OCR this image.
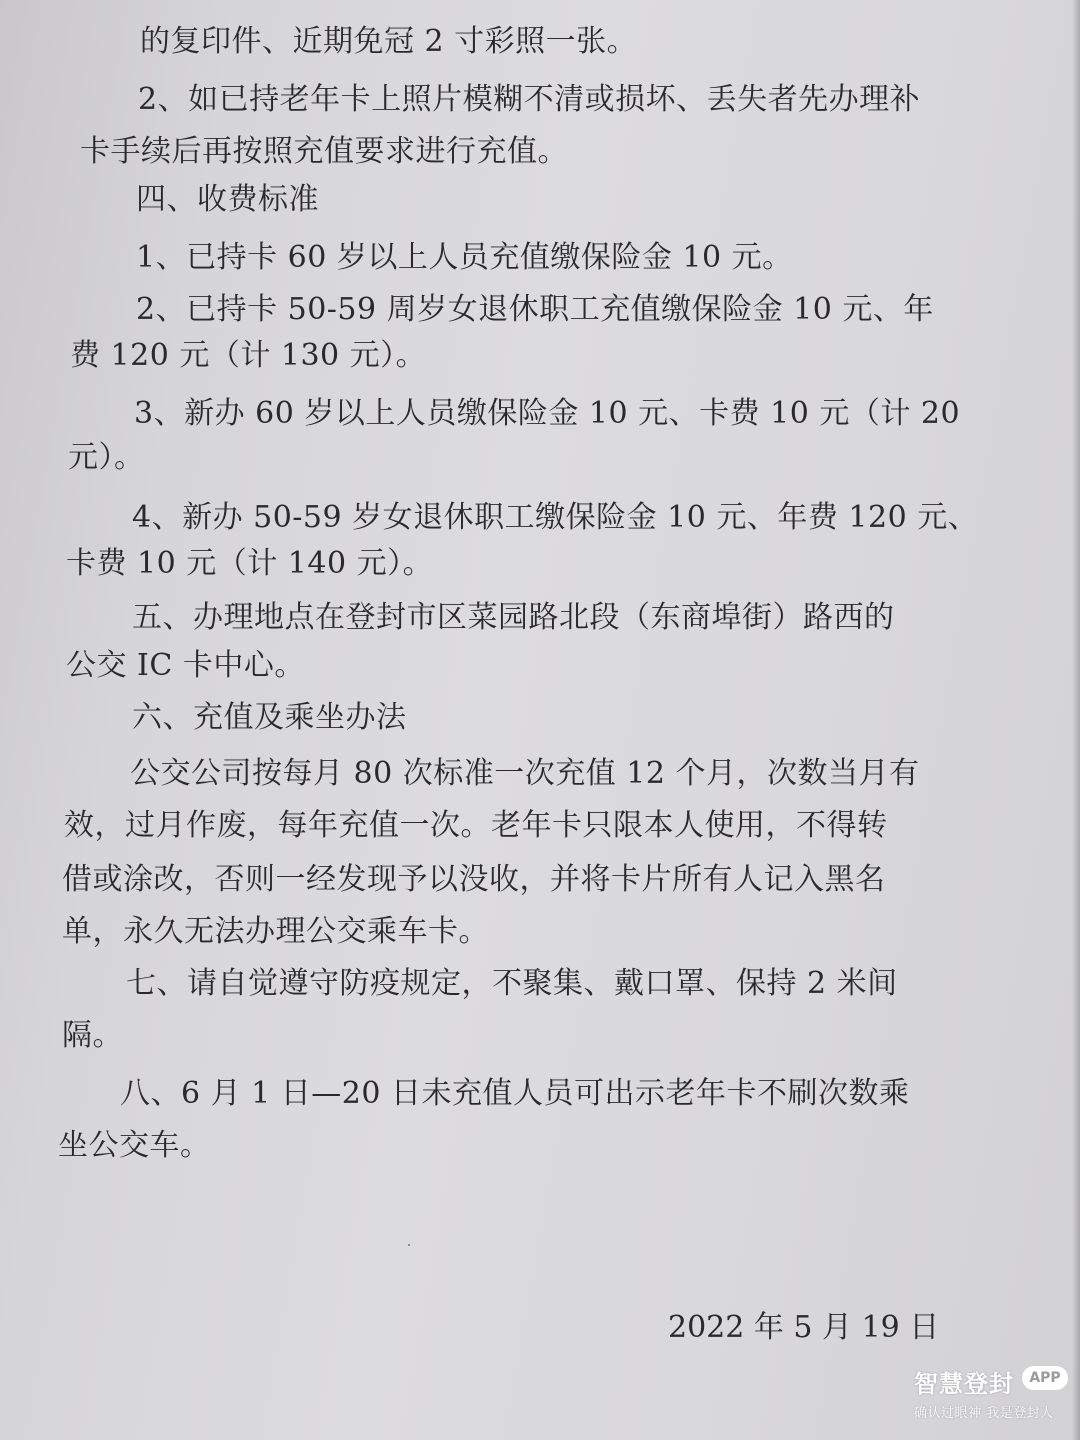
的复印件、近期免冠 2 寸彩照一张。
2、如已持老年卡上照片模糊不清或损坏、丢失者先办理补
卡手续后再按照充值要求进行充值。
四、收费标准
1、已持卡 60 岁以上人员充值缴保险金 10 元。
2、已持卡 50-59 周岁女退休职工充值缴保险金 10 元、年
费 120 元（计 130 元）。
3、新办 60 岁以上人员缴保险金 10 元、卡费 10 元（计 20
元）。
4、新办 50-59 岁女退休职工缴保险金 10 元、年费 120 元、
卡费 10 元（计 140 元）。
五、办理地点在登封市区菜园路北段（东商埠街）路西的
公交 IC 卡中心。
六、充值及乘坐办法
公交公司按每月 80 次标准一次充值 12 个月，次数当月有
效，过月作废，每年充值一次。老年卡只限本人使用，不得转
借或涂改，否则一经发现予以没收，并将卡片所有人记入黑名
单，永久无法办理公交乘车卡。
七、请自觉遵守防疫规定，不聚集、戴口罩、保持 2 米间
隔。
八、6 月 1 日—20 日未充值人员可出示老年卡不刷次数乘
坐公交车。
2022 年 5 月 19 日
智慧登封	APP
确认过眼神 我是登封人
